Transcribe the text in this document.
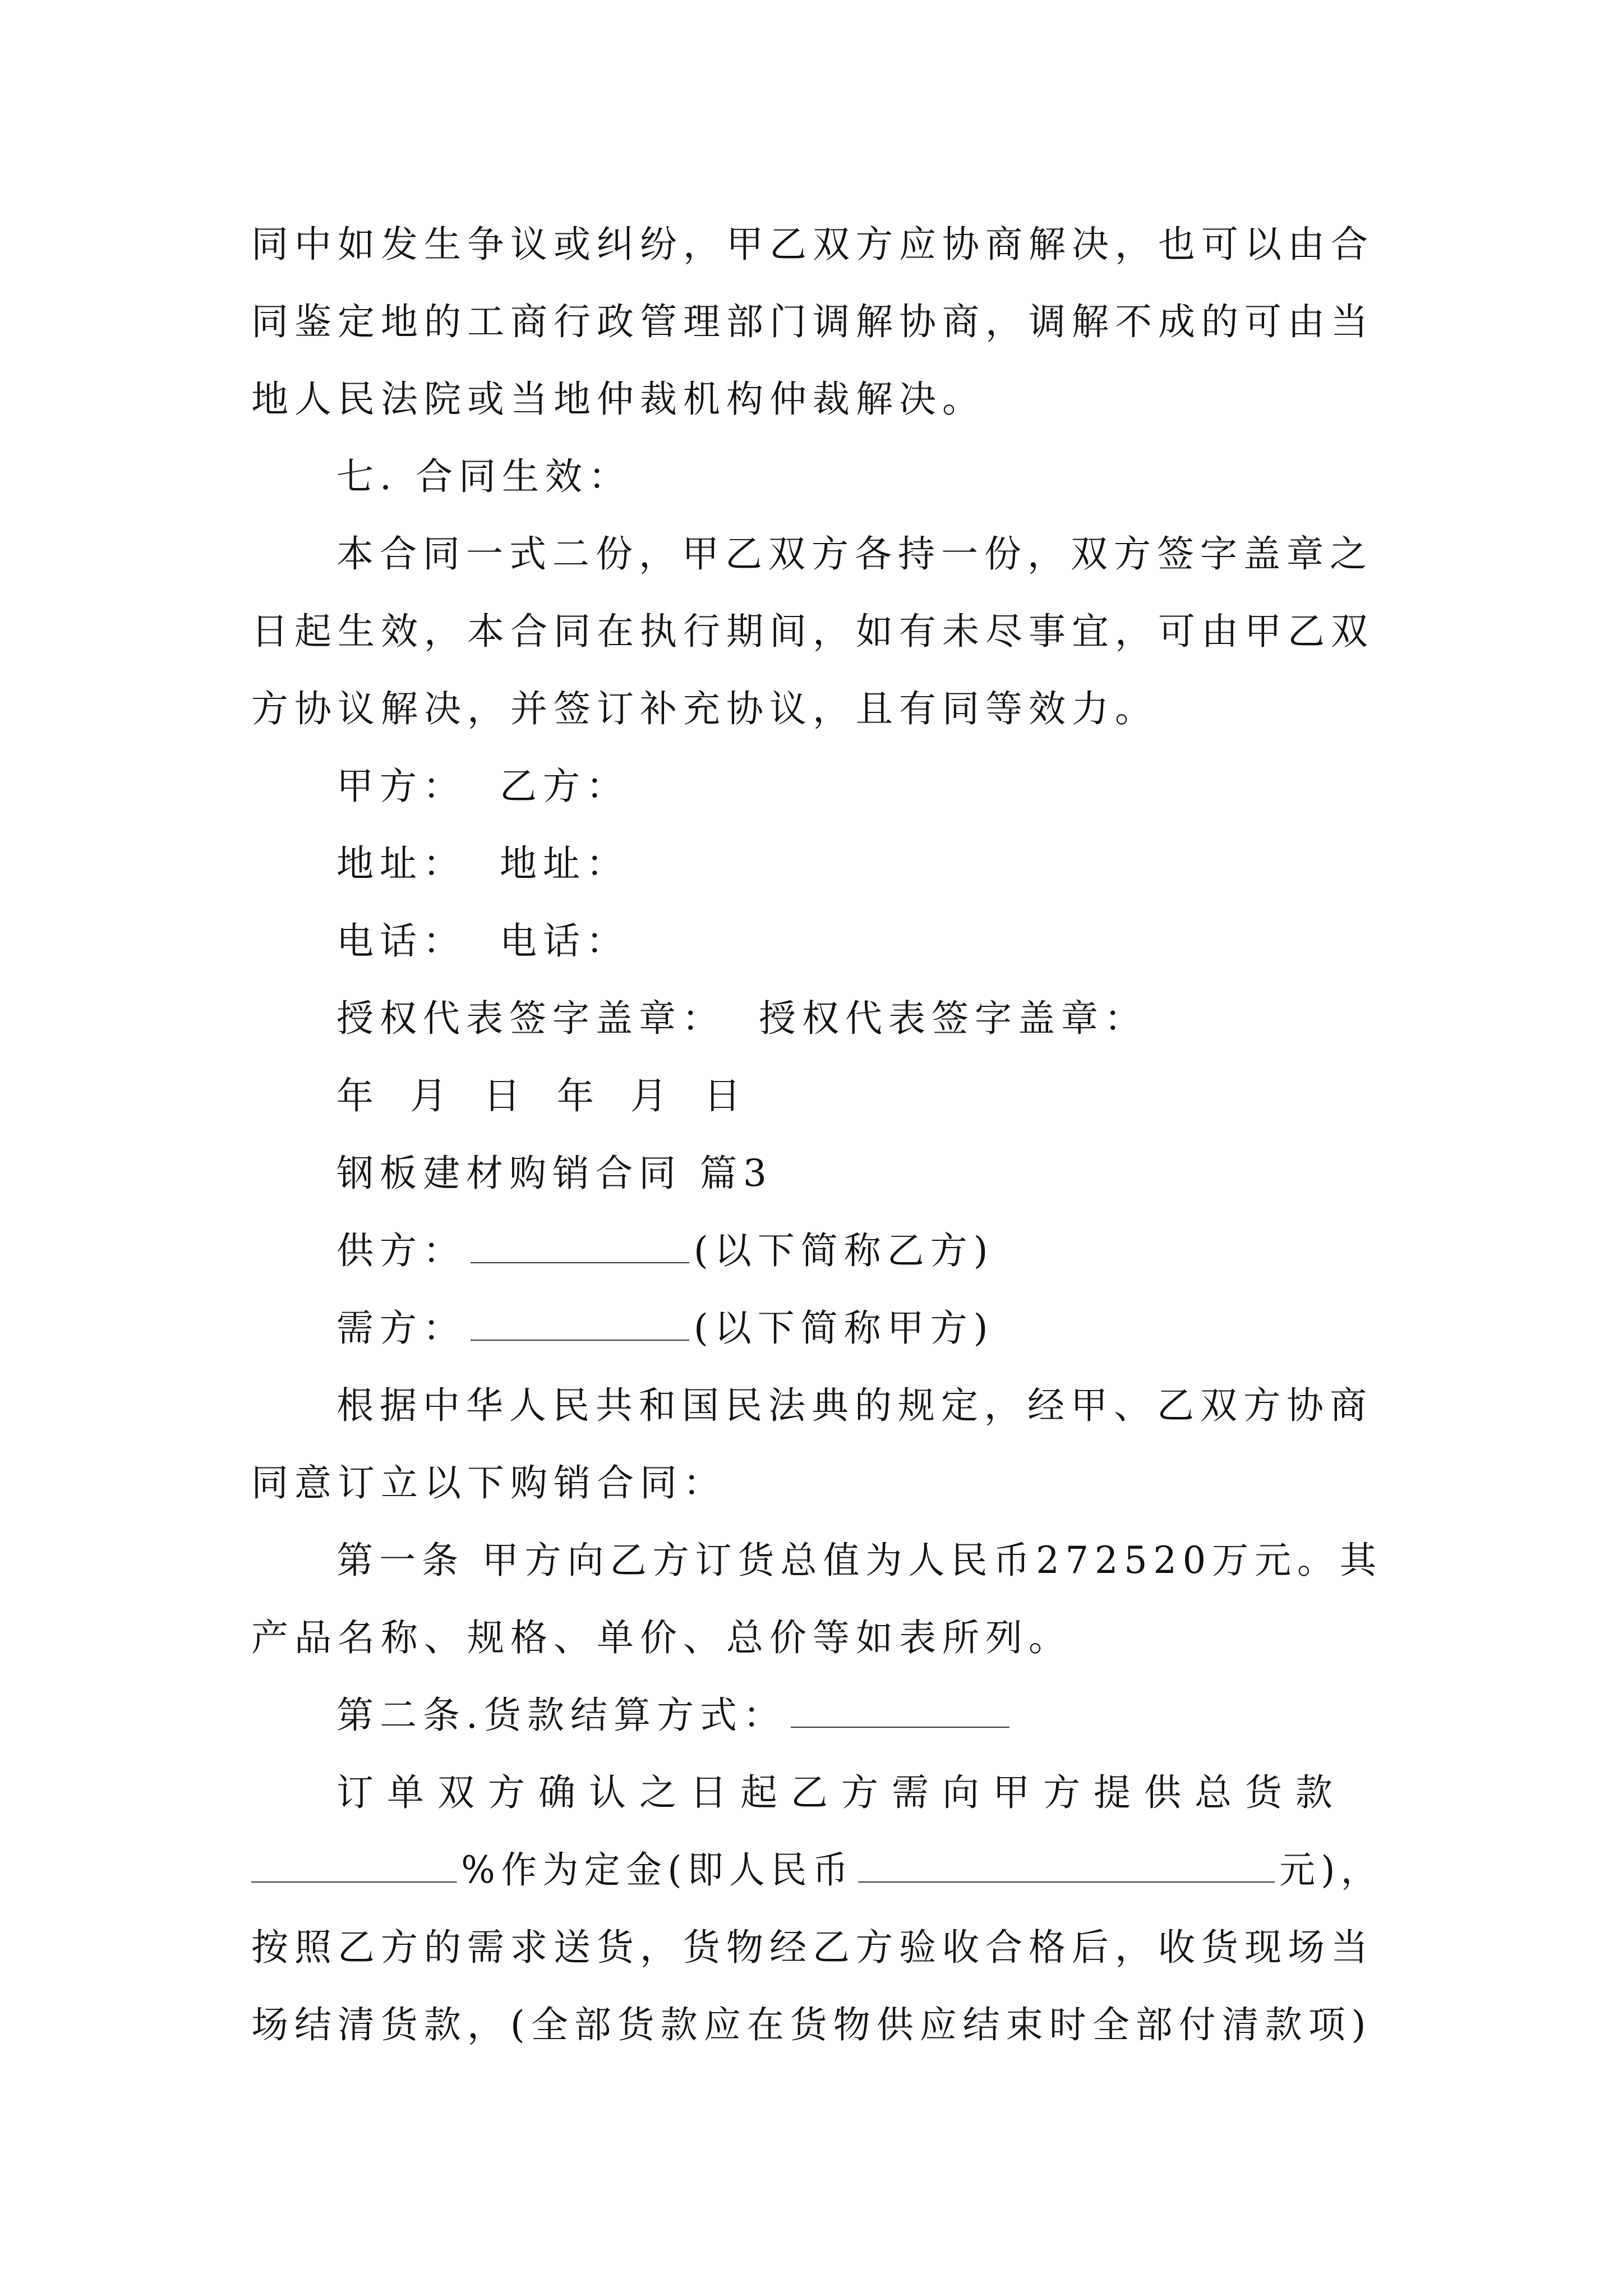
同中如发生争议或纠纷，甲乙双方应协商解决，也可以由合

同鉴定地的工商行政管理部门调解协商，调解不成的可由当

地人民法院或当地仲裁机构仲裁解决。

七. 合同生效：

本合同一式二份，甲乙双方各持一份，双方签字盖章之

日起生效，本合同在执行期间，如有未尽事宜，可由甲乙双

方协议解决，并签订补充协议，且有同等效力。

甲方： 乙方：

地址： 地址：

电话： 电话：

授权代表签字盖章： 授权代表签字盖章：

年 月 日 年 月 日

钢板建材购销合同 篇3

供方：	(以下简称乙方)

需方：	(以下简称甲方)

根据中华人民共和国民法典的规定，经甲、乙双方协商

同意订立以下购销合同：

第一条 甲方向乙方订货总值为人民币272520万元。其

产品名称、规格、单价、总价等如表所列。

第二条.货款结算方式：

订单双方确认之日起乙方需向甲方提供总货款

%作为定金(即人民币	元)，

按照乙方的需求送货，货物经乙方验收合格后，收货现场当

场结清货款，(全部货款应在货物供应结束时全部付清款项)
